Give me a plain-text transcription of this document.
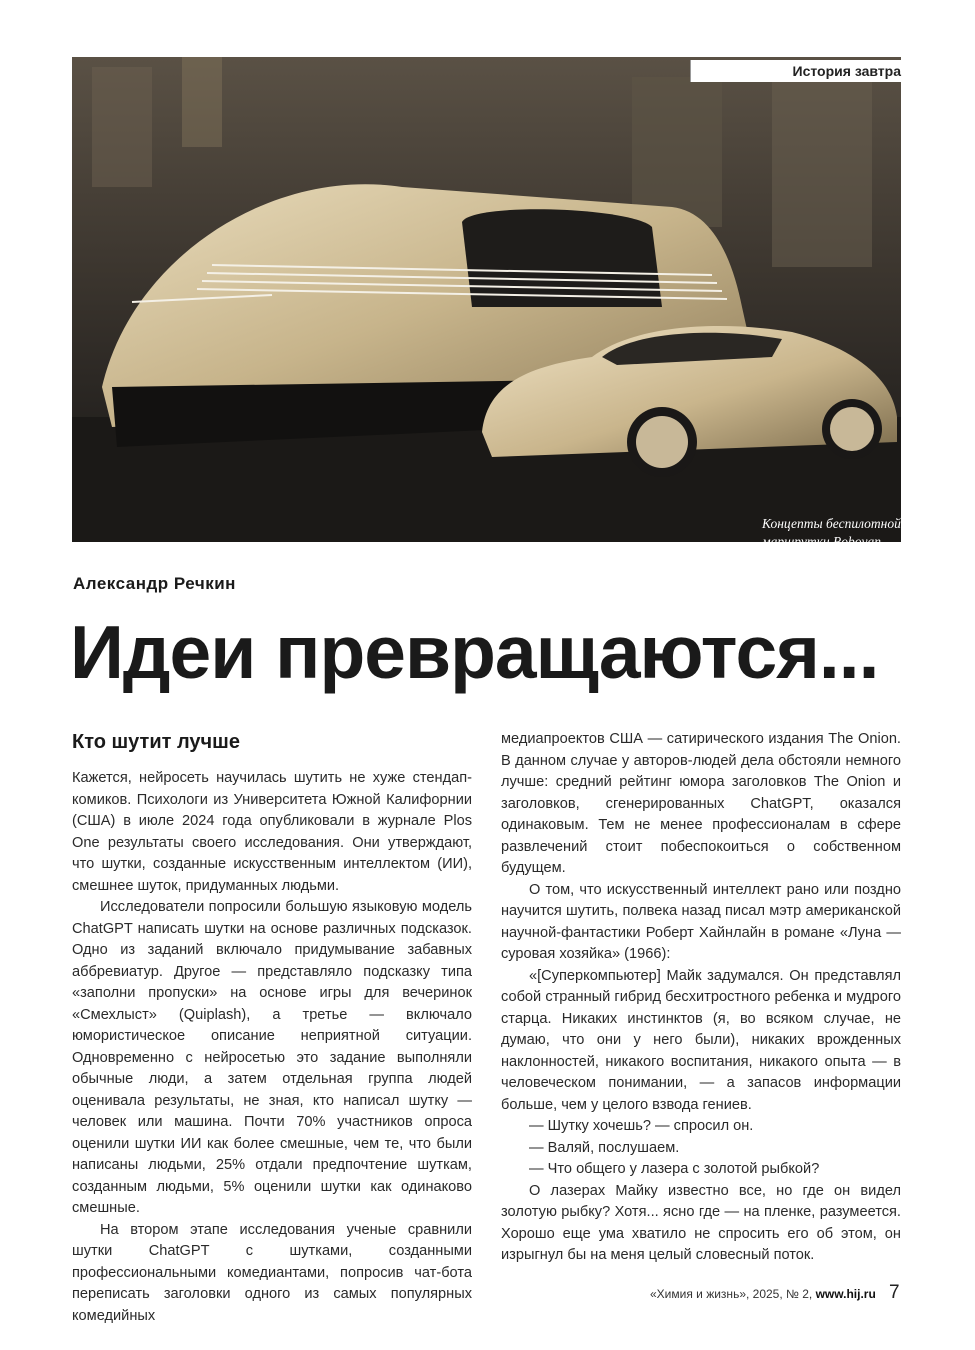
Концепты беспилотной
маршрутки Robovan
и роботизированного такси
Cybercab
История завтра
Александр Речкин
Идеи превращаются...
Кто шутит лучше

Кажется, нейросеть научилась шутить не хуже стендап-комиков. Психологи из Университета Южной Калифорнии (США) в июле 2024 года опубликовали в журнале Plos One результаты своего исследования. Они утверждают, что шутки, созданные искусственным интеллектом (ИИ), смешнее шуток, придуманных людьми.

Исследователи попросили большую языковую модель ChatGPT написать шутки на основе различных подсказок. Одно из заданий включало придумывание забавных аббревиатур. Другое — представляло подсказку типа «заполни пропуски» на основе игры для вечеринок «Смехлыст» (Quiplash), а третье — включало юмористическое описание неприятной ситуации. Одновременно с нейросетью это задание выполняли обычные люди, а затем отдельная группа людей оценивала результаты, не зная, кто написал шутку — человек или машина. Почти 70% участников опроса оценили шутки ИИ как более смешные, чем те, что были написаны людьми, 25% отдали предпочтение шуткам, созданным людьми, 5% оценили шутки как одинаково смешные.

На втором этапе исследования ученые сравнили шутки ChatGPT с шутками, созданными профессиональными комедиантами, попросив чат-бота переписать заголовки одного из самых популярных комедийных

медиапроектов США — сатирического издания The Onion. В данном случае у авторов-людей дела обстояли немного лучше: средний рейтинг юмора заголовков The Onion и заголовков, сгенерированных ChatGPT, оказался одинаковым. Тем не менее профессионалам в сфере развлечений стоит побеспокоиться о собственном будущем.

О том, что искусственный интеллект рано или поздно научится шутить, полвека назад писал мэтр американской научной-фантастики Роберт Хайнлайн в романе «Луна — суровая хозяйка» (1966):

«[Суперкомпьютер] Майк задумался. Он представлял собой странный гибрид бесхитростного ребенка и мудрого старца. Никаких инстинктов (я, во всяком случае, не думаю, что они у него были), никаких врожденных наклонностей, никакого воспитания, никакого опыта — в человеческом понимании, — а запасов информации больше, чем у целого взвода гениев.

— Шутку хочешь? — спросил он.

— Валяй, послушаем.

— Что общего у лазера с золотой рыбкой?

О лазерах Майку известно все, но где он видел золотую рыбку? Хотя... ясно где — на пленке, разумеется. Хорошо еще ума хватило не спросить его об этом, он изрыгнул бы на меня целый словесный поток.

«Химия и жизнь», 2025, № 2, www.hij.ru 7
